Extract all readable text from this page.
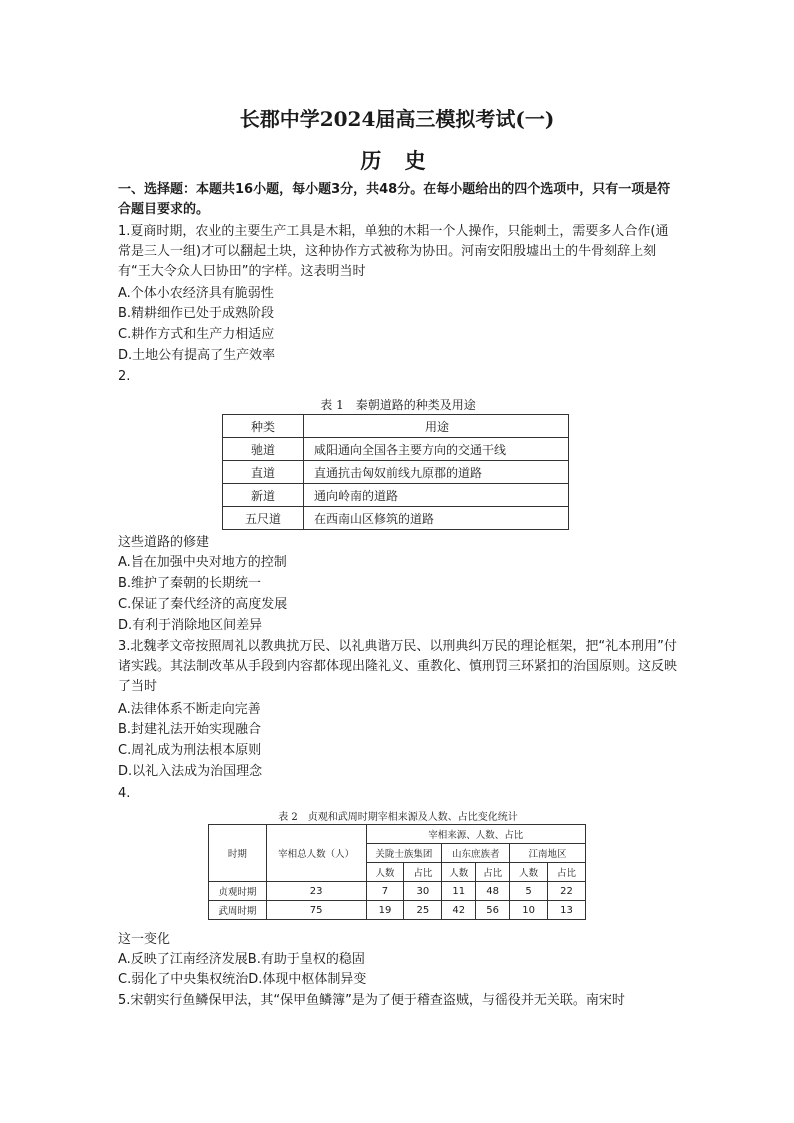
长郡中学2024届高三模拟考试(一)
历 史

一、选择题：本题共16小题，每小题3分，共48分。在每小题给出的四个选项中，只有一项是符合题目要求的。

1.夏商时期，农业的主要生产工具是木耜，单独的木耜一个人操作，只能刺土，需要多人合作(通常是三人一组)才可以翻起土块，这种协作方式被称为协田。河南安阳殷墟出土的牛骨刻辞上刻有“王大令众人曰协田”的字样。这表明当时

A.个体小农经济具有脆弱性
B.精耕细作已处于成熟阶段
C.耕作方式和生产力相适应
D.土地公有提高了生产效率
2.
表 1　秦朝道路的种类及用途
种类	用途
驰道	咸阳通向全国各主要方向的交通干线
直道	直通抗击匈奴前线九原郡的道路
新道	通向岭南的道路
五尺道	在西南山区修筑的道路
这些道路的修建
A.旨在加强中央对地方的控制
B.维护了秦朝的长期统一
C.保证了秦代经济的高度发展
D.有利于消除地区间差异

3.北魏孝文帝按照周礼以教典扰万民、以礼典谐万民、以刑典纠万民的理论框架，把“礼本刑用”付诸实践。其法制改革从手段到内容都体现出隆礼义、重教化、慎刑罚三环紧扣的治国原则。这反映了当时

A.法律体系不断走向完善
B.封建礼法开始实现融合
C.周礼成为刑法根本原则
D.以礼入法成为治国理念
4.
表 2　贞观和武周时期宰相来源及人数、占比变化统计
时期	宰相总人数（人）	宰相来源、人数、占比					
		关陇士族集团		山东庶族者		江南地区	
		人数	占比	人数	占比	人数	占比
贞观时期	23	7	30	11	48	5	22
武周时期	75	19	25	42	56	10	13
这一变化
A.反映了江南经济发展B.有助于皇权的稳固
C.弱化了中央集权统治D.体现中枢体制异变
5.宋朝实行鱼鳞保甲法，其“保甲鱼鳞簿”是为了便于稽查盗贼，与徭役并无关联。南宋时
